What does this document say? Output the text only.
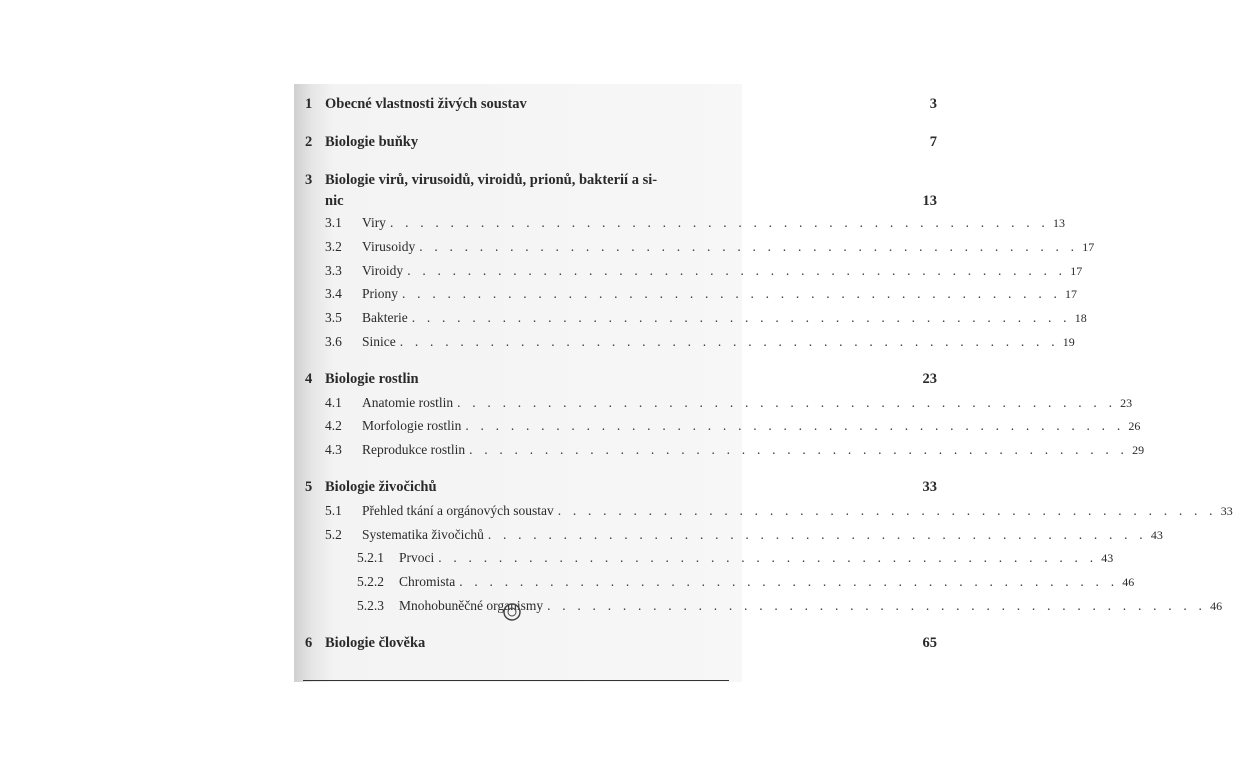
1 Obecné vlastnosti živých soustav	3
2 Biologie buňky	7
3 Biologie virů, virusoidů, viroidů, prionů, bakterií a si-
nic	13
3.1	Viry . . . . . . . . . . . . . . . . . . . . . . . . . . . . . . . . . . . . . . . . . . . . 13
3.2	Virusoidy . . . . . . . . . . . . . . . . . . . . . . . . . . . . . . . . . . . . . . . . . . . . 17
3.3	Viroidy . . . . . . . . . . . . . . . . . . . . . . . . . . . . . . . . . . . . . . . . . . . . 17
3.4	Priony . . . . . . . . . . . . . . . . . . . . . . . . . . . . . . . . . . . . . . . . . . . . 17
3.5	Bakterie . . . . . . . . . . . . . . . . . . . . . . . . . . . . . . . . . . . . . . . . . . . . 18
3.6	Sinice . . . . . . . . . . . . . . . . . . . . . . . . . . . . . . . . . . . . . . . . . . . . 19
4 Biologie rostlin	23
4.1	Anatomie rostlin . . . . . . . . . . . . . . . . . . . . . . . . . . . . . . . . . . . . . . . . . . . . 23
4.2	Morfologie rostlin . . . . . . . . . . . . . . . . . . . . . . . . . . . . . . . . . . . . . . . . . . . . 26
4.3	Reprodukce rostlin . . . . . . . . . . . . . . . . . . . . . . . . . . . . . . . . . . . . . . . . . . . . 29
5 Biologie živočichů	33
5.1	Přehled tkání a orgánových soustav . . . . . . . . . . . . . . . . . . . . . . . . . . . . . . . . . . . . . . . . . . . . 33
5.2	Systematika živočichů . . . . . . . . . . . . . . . . . . . . . . . . . . . . . . . . . . . . . . . . . . . . 43
5.2.1	Prvoci . . . . . . . . . . . . . . . . . . . . . . . . . . . . . . . . . . . . . . . . . . . . 43
5.2.2	Chromista . . . . . . . . . . . . . . . . . . . . . . . . . . . . . . . . . . . . . . . . . . . . 46
5.2.3	Mnohobuněčné organismy . . . . . . . . . . . . . . . . . . . . . . . . . . . . . . . . . . . . . . . . . . . . 46
6 Biologie člověka	65
